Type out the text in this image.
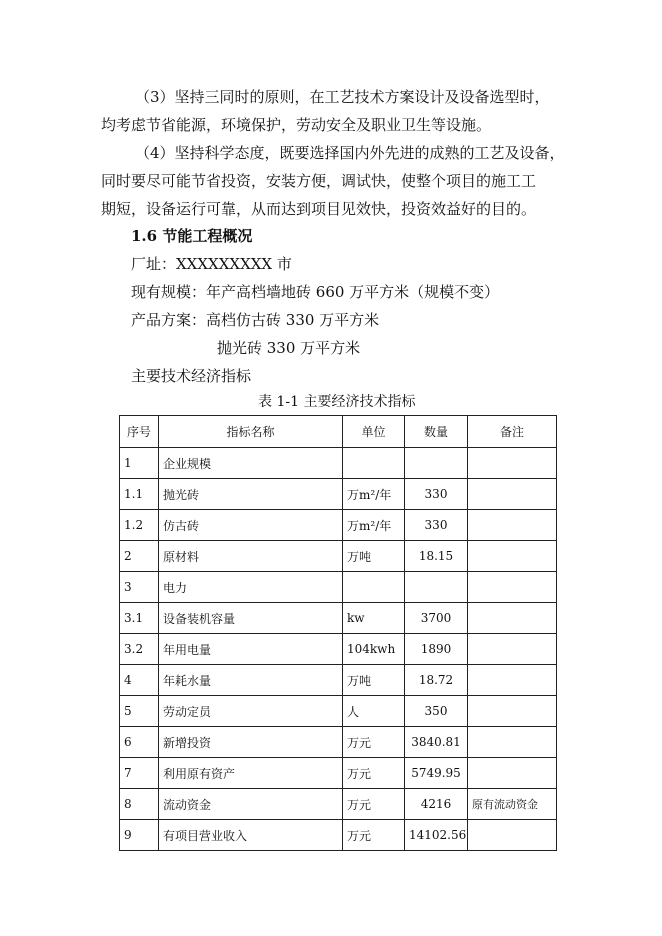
（3）坚持三同时的原则，在工艺技术方案设计及设备选型时，
均考虑节省能源，环境保护，劳动安全及职业卫生等设施。
（4）坚持科学态度，既要选择国内外先进的成熟的工艺及设备，
同时要尽可能节省投资，安装方便，调试快，使整个项目的施工工
期短，设备运行可靠，从而达到项目见效快，投资效益好的目的。
1.6 节能工程概况
厂址：XXXXXXXXX 市
现有规模：年产高档墙地砖 660 万平方米（规模不变）
产品方案：高档仿古砖 330 万平方米
抛光砖 330 万平方米
主要技术经济指标
表 1-1 主要经济技术指标
序号	指标名称	单位	数量	备注
1	企业规模			
1.1	抛光砖	万m²/年	330	
1.2	仿古砖	万m²/年	330	
2	原材料	万吨	18.15	
3	电力			
3.1	设备装机容量	kw	3700	
3.2	年用电量	104kwh	1890	
4	年耗水量	万吨	18.72	
5	劳动定员	人	350	
6	新增投资	万元	3840.81	
7	利用原有资产	万元	5749.95	
8	流动资金	万元	4216	原有流动资金
9	有项目营业收入	万元	14102.56	
